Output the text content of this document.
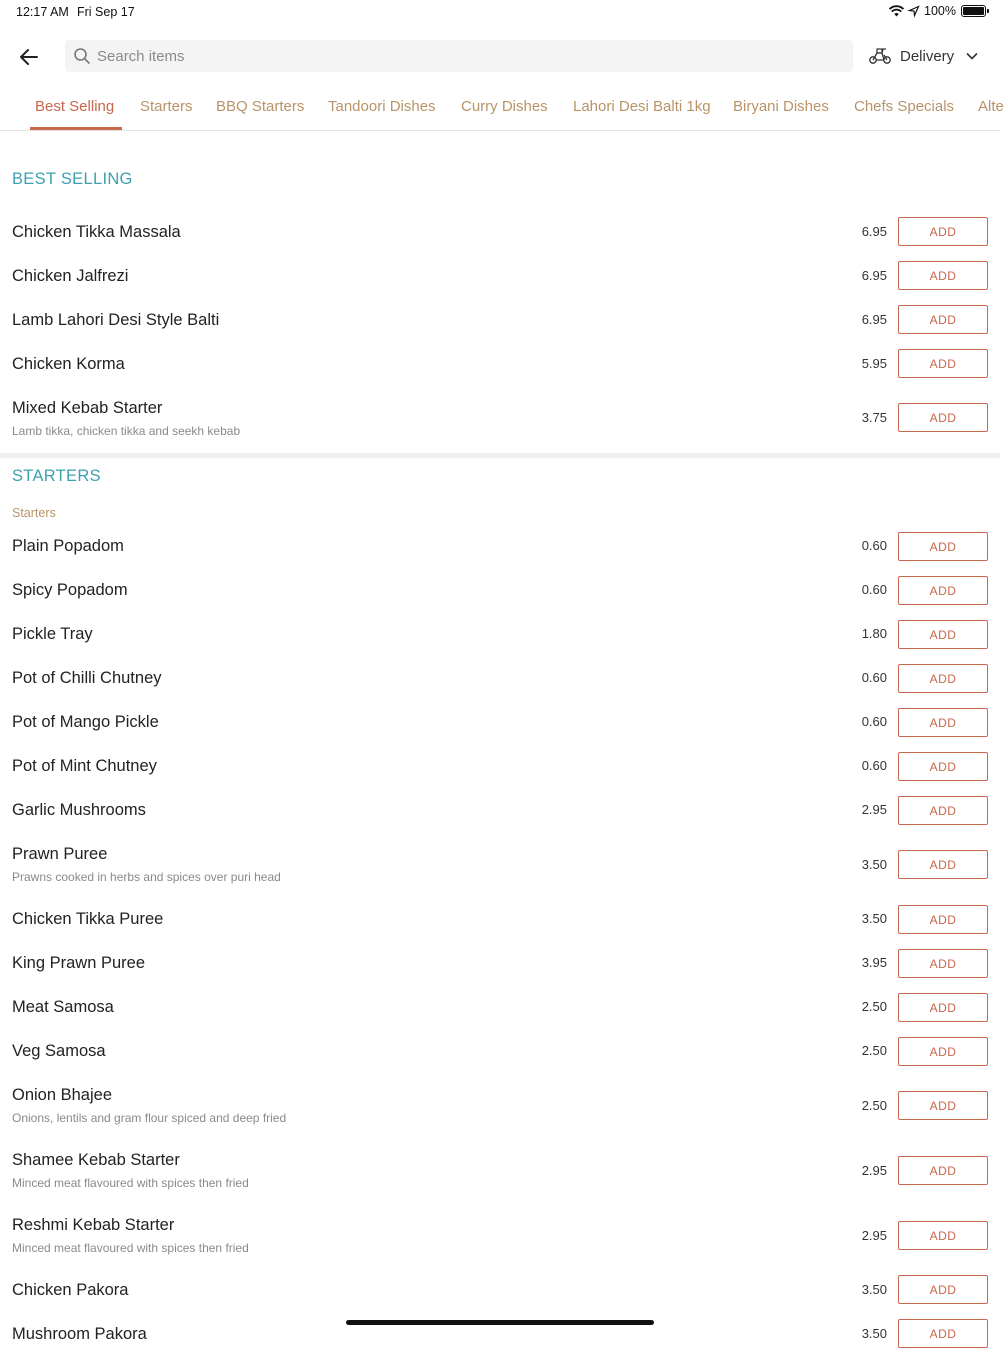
12:17 AM Fri Sep 17	100%
Search items
Delivery
Best Selling Starters BBQ Starters Tandoori Dishes Curry Dishes Lahori Desi Balti 1kg Biryani Dishes Chefs Specials Alte
BEST SELLING
Chicken Tikka Massala	6.95	ADD
Chicken Jalfrezi	6.95	ADD
Lamb Lahori Desi Style Balti	6.95	ADD
Chicken Korma	5.95	ADD
Mixed Kebab Starter
Lamb tikka, chicken tikka and seekh kebab
3.75	ADD
STARTERS
Starters
Plain Popadom	0.60	ADD
Spicy Popadom	0.60	ADD
Pickle Tray	1.80	ADD
Pot of Chilli Chutney	0.60	ADD
Pot of Mango Pickle	0.60	ADD
Pot of Mint Chutney	0.60	ADD
Garlic Mushrooms	2.95	ADD
Prawn Puree
Prawns cooked in herbs and spices over puri head
3.50	ADD
Chicken Tikka Puree	3.50	ADD
King Prawn Puree	3.95	ADD
Meat Samosa	2.50	ADD
Veg Samosa	2.50	ADD
Onion Bhajee
Onions, lentils and gram flour spiced and deep fried
2.50	ADD
Shamee Kebab Starter
Minced meat flavoured with spices then fried
2.95	ADD
Reshmi Kebab Starter
Minced meat flavoured with spices then fried
2.95	ADD
Chicken Pakora	3.50	ADD
Mushroom Pakora	3.50	ADD
